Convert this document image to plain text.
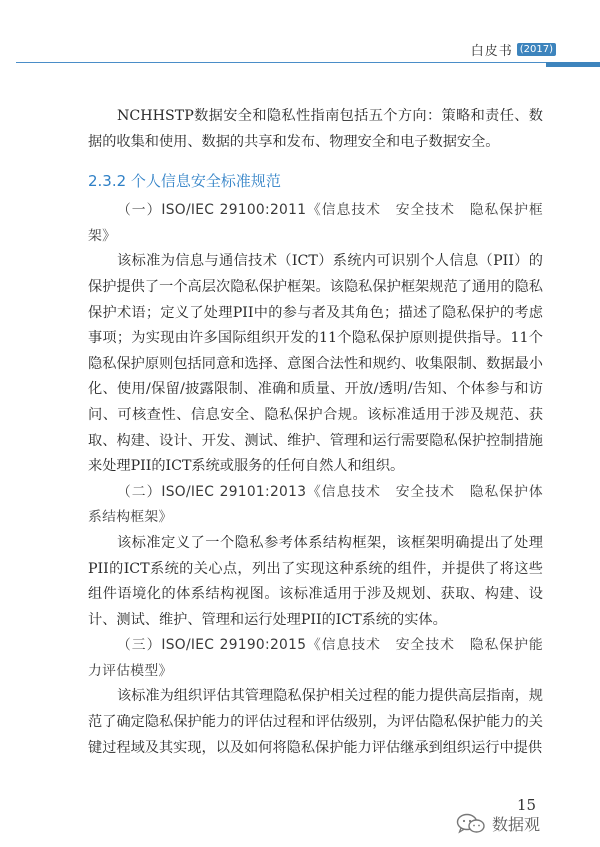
白皮书 (2017)

NCHHSTP数据安全和隐私性指南包括五个方向：策略和责任、数据的收集和使用、数据的共享和发布、物理安全和电子数据安全。

2.3.2 个人信息安全标准规范

（一）ISO/IEC 29100:2011《信息技术　安全技术　隐私保护框架》

该标准为信息与通信技术（ICT）系统内可识别个人信息（PII）的保护提供了一个高层次隐私保护框架。该隐私保护框架规范了通用的隐私保护术语；定义了处理PII中的参与者及其角色；描述了隐私保护的考虑事项；为实现由许多国际组织开发的11个隐私保护原则提供指导。11个隐私保护原则包括同意和选择、意图合法性和规约、收集限制、数据最小化、使用/保留/披露限制、准确和质量、开放/透明/告知、个体参与和访问、可核查性、信息安全、隐私保护合规。该标准适用于涉及规范、获取、构建、设计、开发、测试、维护、管理和运行需要隐私保护控制措施来处理PII的ICT系统或服务的任何自然人和组织。

（二）ISO/IEC 29101:2013《信息技术　安全技术　隐私保护体系结构框架》

该标准定义了一个隐私参考体系结构框架，该框架明确提出了处理PII的ICT系统的关心点，列出了实现这种系统的组件，并提供了将这些组件语境化的体系结构视图。该标准适用于涉及规划、获取、构建、设计、测试、维护、管理和运行处理PII的ICT系统的实体。

（三）ISO/IEC 29190:2015《信息技术　安全技术　隐私保护能力评估模型》

该标准为组织评估其管理隐私保护相关过程的能力提供高层指南，规范了确定隐私保护能力的评估过程和评估级别，为评估隐私保护能力的关键过程域及其实现，以及如何将隐私保护能力评估继承到组织运行中提供

15
数据观
